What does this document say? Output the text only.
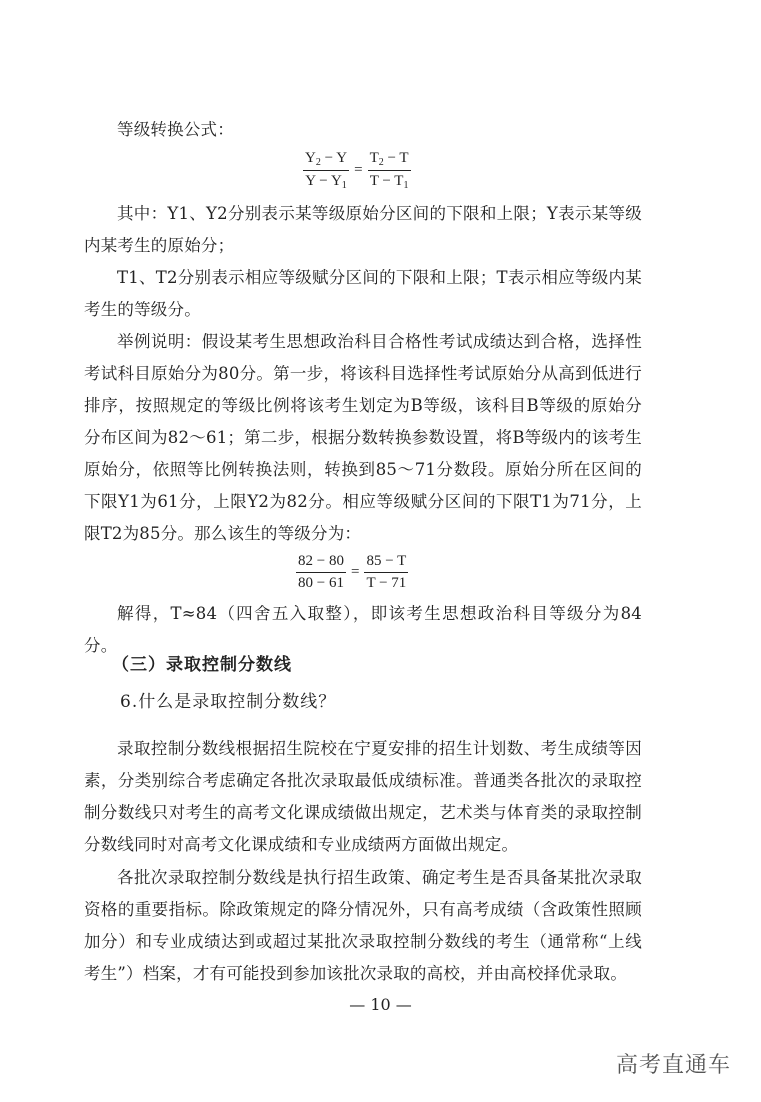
等级转换公式：

$\frac{Y_2 - Y}{Y - Y_1} = \frac{T_2 - T}{T - T_1}$

其中：Y1、Y2分别表示某等级原始分区间的下限和上限；Y表示某等级内某考生的原始分；

T1、T2分别表示相应等级赋分区间的下限和上限；T表示相应等级内某考生的等级分。

举例说明：假设某考生思想政治科目合格性考试成绩达到合格，选择性考试科目原始分为80分。第一步，将该科目选择性考试原始分从高到低进行排序，按照规定的等级比例将该考生划定为B等级，该科目B等级的原始分分布区间为82～61；第二步，根据分数转换参数设置，将B等级内的该考生原始分，依照等比例转换法则，转换到85～71分数段。原始分所在区间的下限Y1为61分，上限Y2为82分。相应等级赋分区间的下限T1为71分，上限T2为85分。那么该生的等级分为：

$\frac{82 - 80}{80 - 61} = \frac{85 - T}{T - 71}$

解得，T≈84（四舍五入取整），即该考生思想政治科目等级分为84分。

（三）录取控制分数线

6.什么是录取控制分数线？

录取控制分数线根据招生院校在宁夏安排的招生计划数、考生成绩等因素，分类别综合考虑确定各批次录取最低成绩标准。普通类各批次的录取控制分数线只对考生的高考文化课成绩做出规定，艺术类与体育类的录取控制分数线同时对高考文化课成绩和专业成绩两方面做出规定。

各批次录取控制分数线是执行招生政策、确定考生是否具备某批次录取资格的重要指标。除政策规定的降分情况外，只有高考成绩（含政策性照顾加分）和专业成绩达到或超过某批次录取控制分数线的考生（通常称“上线考生”）档案，才有可能投到参加该批次录取的高校，并由高校择优录取。

— 10 —
高考直通车
